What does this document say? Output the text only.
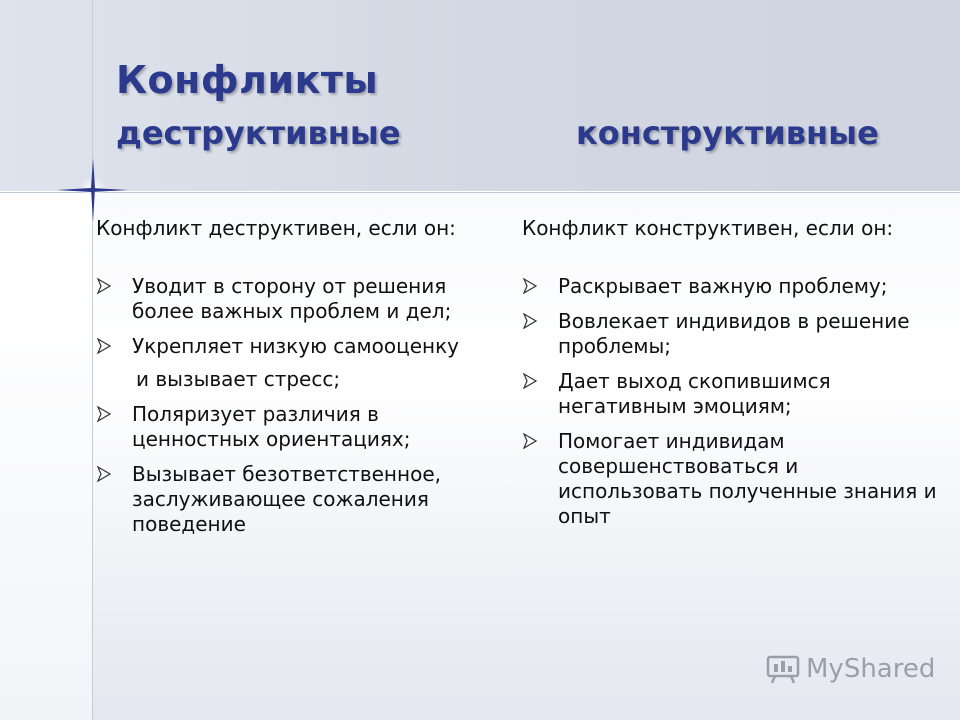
Конфликты
деструктивные	конструктивные

Конфликт деструктивен, если он:

Уводит в сторону от решения более важных проблем и дел;
Укрепляет низкую самооценку
и вызывает стресс;
Поляризует различия в ценностных ориентациях;
Вызывает безответственное, заслуживающее сожаления поведение

Конфликт конструктивен, если он:

Раскрывает важную проблему;
Вовлекает индивидов в решение проблемы;
Дает выход скопившимся негативным эмоциям;
Помогает индивидам совершенствоваться и использовать полученные знания и опыт
MyShared
